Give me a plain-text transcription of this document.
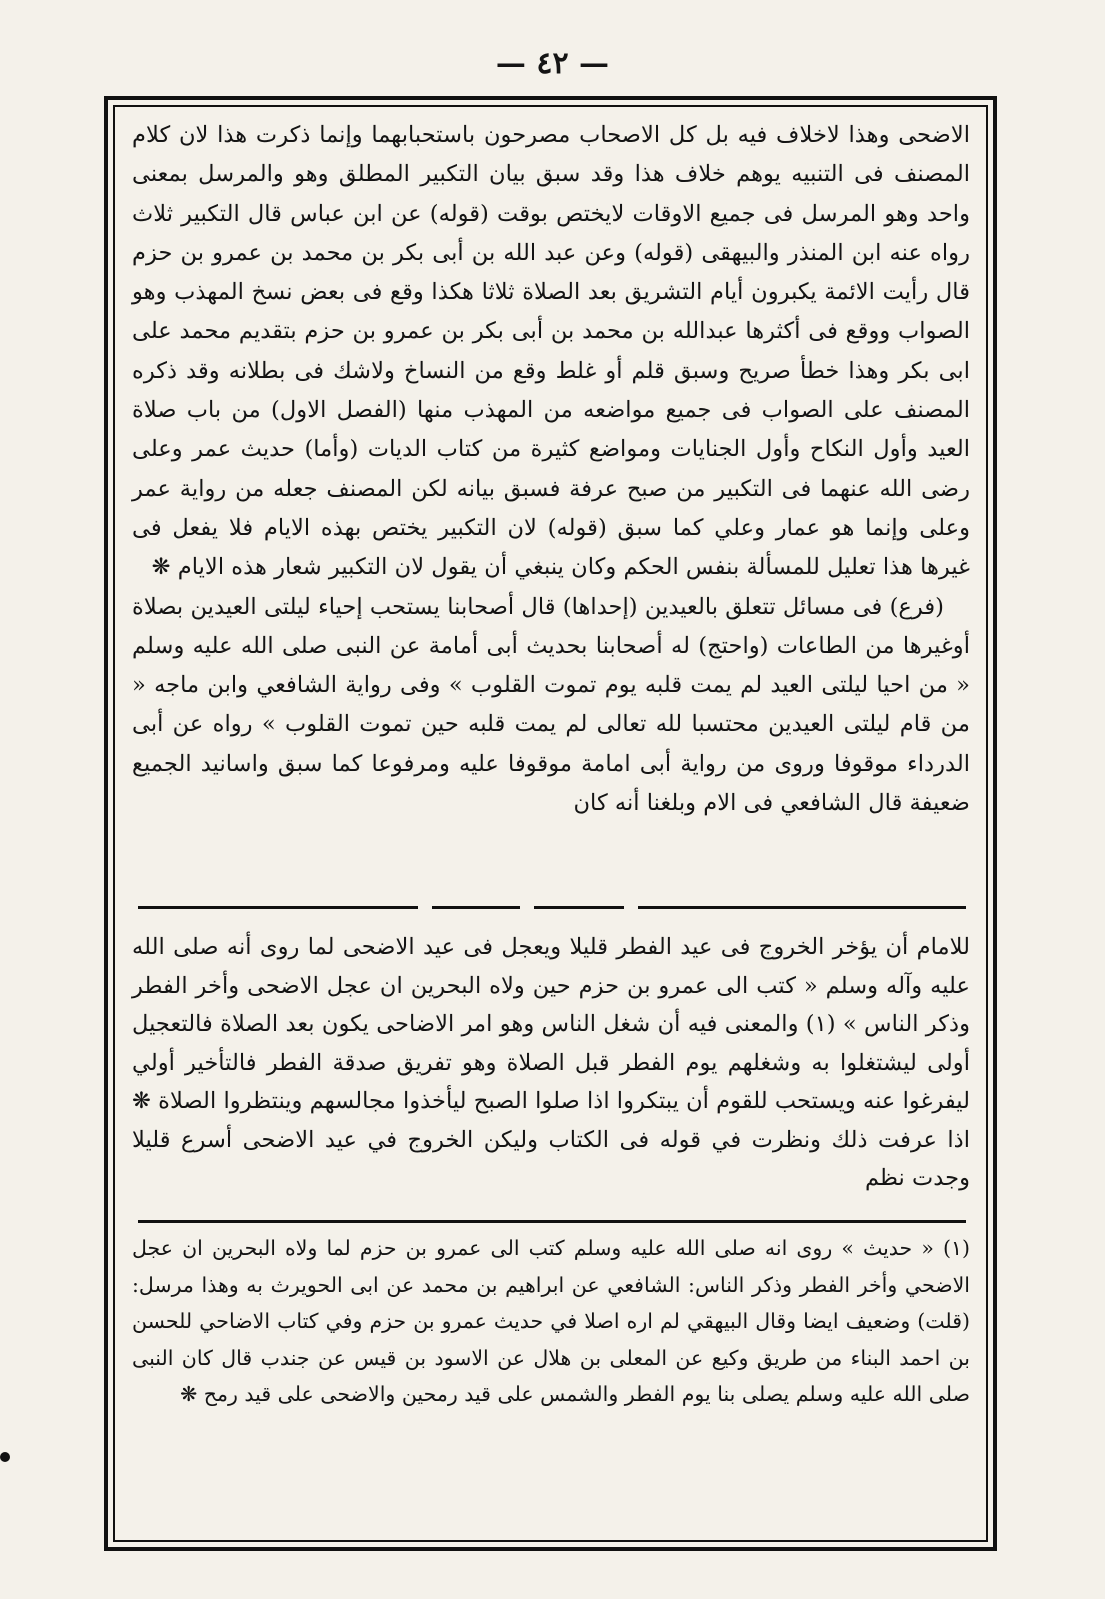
— ٤٢ —

الاضحى وهذا لاخلاف فيه بل كل الاصحاب مصرحون باستحبابهما وإنما ذكرت هذا لان كلام المصنف فى التنبيه يوهم خلاف هذا وقد سبق بيان التكبير المطلق وهو والمرسل بمعنى واحد وهو المرسل فى جميع الاوقات لايختص بوقت (قوله) عن ابن عباس قال التكبير ثلاث رواه عنه ابن المنذر والبيهقى (قوله) وعن عبد الله بن أبى بكر بن محمد بن عمرو بن حزم قال رأيت الائمة يكبرون أيام التشريق بعد الصلاة ثلاثا هكذا وقع فى بعض نسخ المهذب وهو الصواب ووقع فى أكثرها عبدالله بن محمد بن أبى بكر بن عمرو بن حزم بتقديم محمد على ابى بكر وهذا خطأ صريح وسبق قلم أو غلط وقع من النساخ ولاشك فى بطلانه وقد ذكره المصنف على الصواب فى جميع مواضعه من المهذب منها (الفصل الاول) من باب صلاة العيد وأول النكاح وأول الجنايات ومواضع كثيرة من كتاب الديات (وأما) حديث عمر وعلى رضى الله عنهما فى التكبير من صبح عرفة فسبق بيانه لكن المصنف جعله من رواية عمر وعلى وإنما هو عمار وعلي كما سبق (قوله) لان التكبير يختص بهذه الايام فلا يفعل فى غيرها هذا تعليل للمسألة بنفس الحكم وكان ينبغي أن يقول لان التكبير شعار هذه الايام ❋

(فرع) فى مسائل تتعلق بالعيدين (إحداها) قال أصحابنا يستحب إحياء ليلتى العيدين بصلاة أوغيرها من الطاعات (واحتج) له أصحابنا بحديث أبى أمامة عن النبى صلى الله عليه وسلم « من احيا ليلتى العيد لم يمت قلبه يوم تموت القلوب » وفى رواية الشافعي وابن ماجه « من قام ليلتى العيدين محتسبا لله تعالى لم يمت قلبه حين تموت القلوب » رواه عن أبى الدرداء موقوفا وروى من رواية أبى امامة موقوفا عليه ومرفوعا كما سبق واسانيد الجميع ضعيفة قال الشافعي فى الام وبلغنا أنه كان

للامام أن يؤخر الخروج فى عيد الفطر قليلا ويعجل فى عيد الاضحى لما روى أنه صلى الله عليه وآله وسلم « كتب الى عمرو بن حزم حين ولاه البحرين ان عجل الاضحى وأخر الفطر وذكر الناس » (١) والمعنى فيه أن شغل الناس وهو امر الاضاحى يكون بعد الصلاة فالتعجيل أولى ليشتغلوا به وشغلهم يوم الفطر قبل الصلاة وهو تفريق صدقة الفطر فالتأخير أولي ليفرغوا عنه ويستحب للقوم أن يبتكروا اذا صلوا الصبح ليأخذوا مجالسهم وينتظروا الصلاة ❋ اذا عرفت ذلك ونظرت في قوله فى الكتاب وليكن الخروج في عيد الاضحى أسرع قليلا وجدت نظم

(١) « حديث » روى انه صلى الله عليه وسلم كتب الى عمرو بن حزم لما ولاه البحرين ان عجل الاضحي وأخر الفطر وذكر الناس: الشافعي عن ابراهيم بن محمد عن ابى الحويرث به وهذا مرسل: (قلت) وضعيف ايضا وقال البيهقي لم اره اصلا في حديث عمرو بن حزم وفي كتاب الاضاحي للحسن بن احمد البناء من طريق وكيع عن المعلى بن هلال عن الاسود بن قيس عن جندب قال كان النبى صلى الله عليه وسلم يصلى بنا يوم الفطر والشمس على قيد رمحين والاضحى على قيد رمح ❋
